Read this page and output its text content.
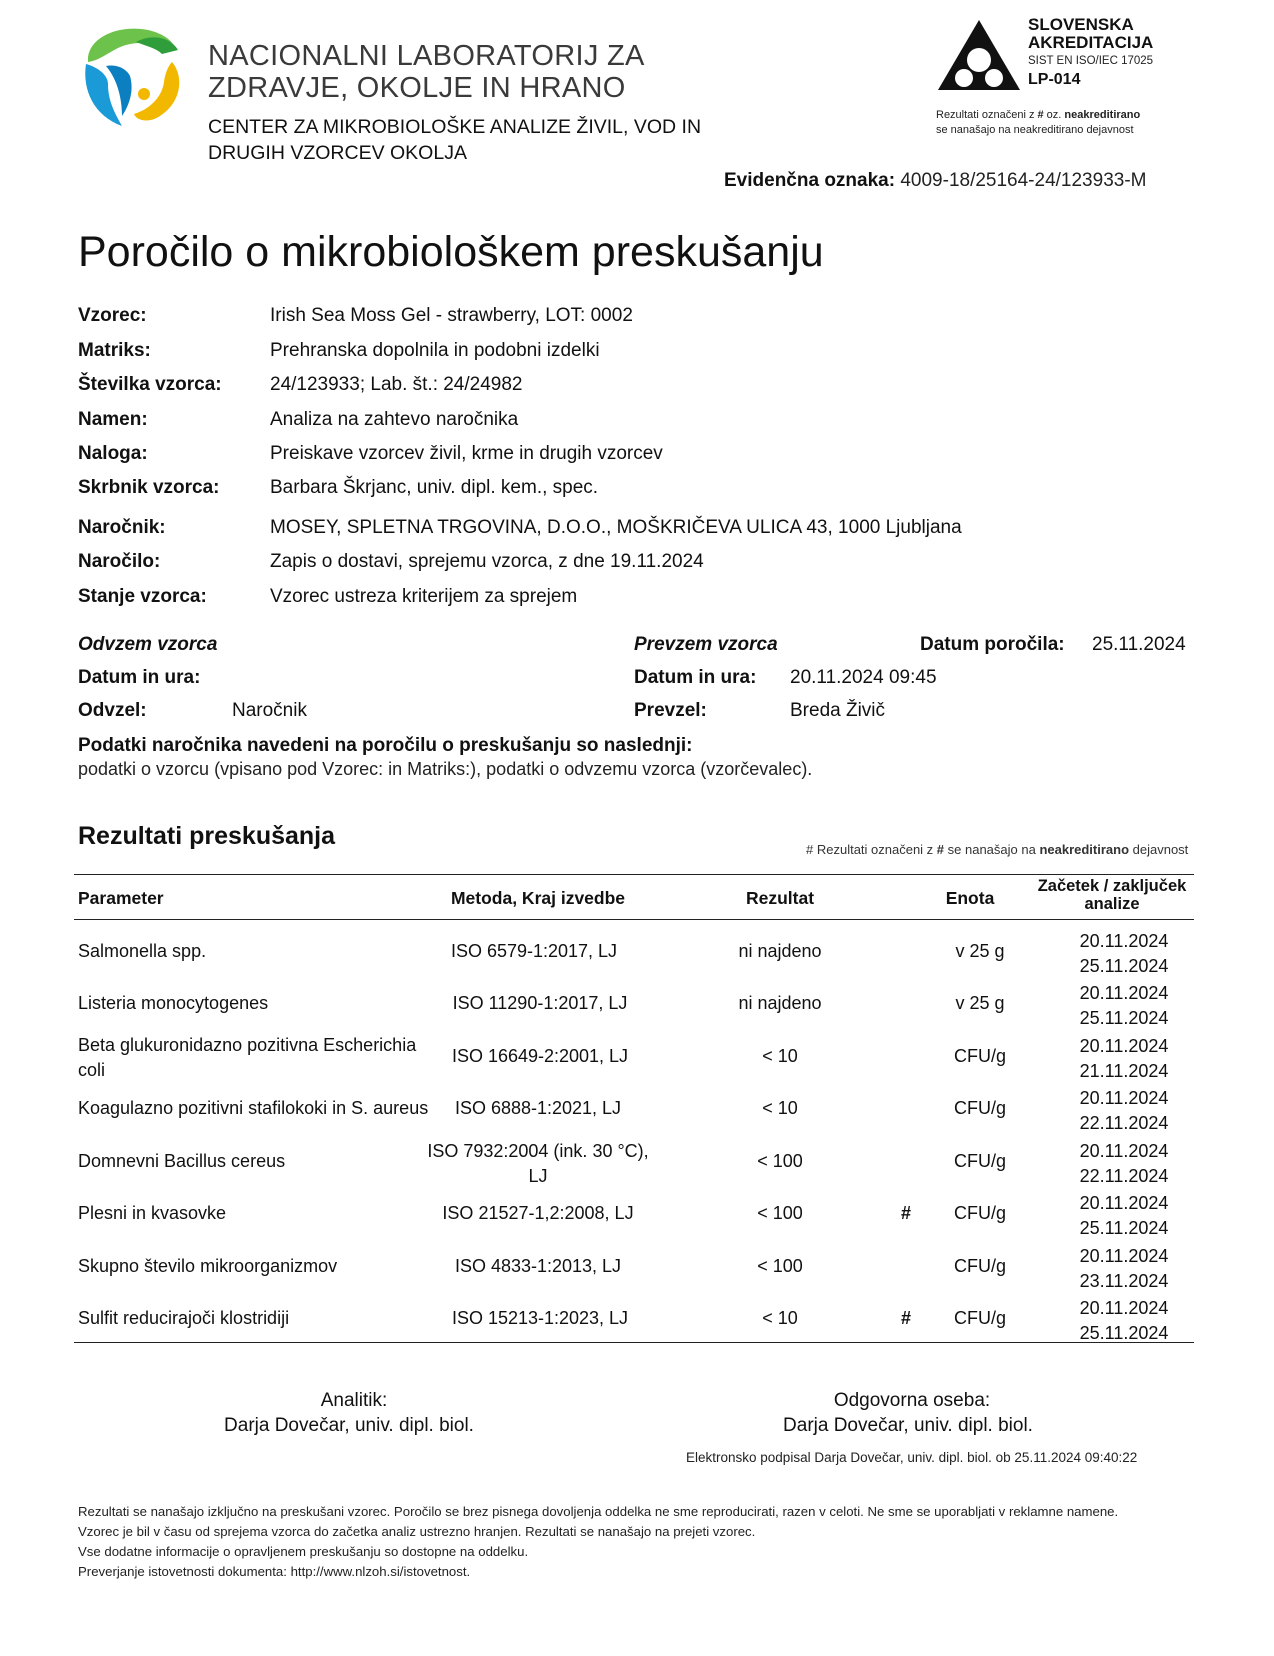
NACIONALNI LABORATORIJ ZA
ZDRAVJE, OKOLJE IN HRANO
CENTER ZA MIKROBIOLOŠKE ANALIZE ŽIVIL, VOD IN
DRUGIH VZORCEV OKOLJA
SLOVENSKA
AKREDITACIJA
SIST EN ISO/IEC 17025
LP-014
Rezultati označeni z # oz. neakreditirano
se nanašajo na neakreditirano dejavnost
Evidenčna oznaka: 4009-18/25164-24/123933-M
Poročilo o mikrobiološkem preskušanju
Vzorec:	Irish Sea Moss Gel - strawberry, LOT: 0002
Matriks:	Prehranska dopolnila in podobni izdelki
Številka vzorca:	24/123933; Lab. št.: 24/24982
Namen:	Analiza na zahtevo naročnika
Naloga:	Preiskave vzorcev živil, krme in drugih vzorcev
Skrbnik vzorca:	Barbara Škrjanc, univ. dipl. kem., spec.
Naročnik:	MOSEY, SPLETNA TRGOVINA, D.O.O., MOŠKRIČEVA ULICA 43, 1000 Ljubljana
Naročilo:	Zapis o dostavi, sprejemu vzorca, z dne 19.11.2024
Stanje vzorca:	Vzorec ustreza kriterijem za sprejem
Odvzem vzorca
Datum in ura:
Odvzel:	Naročnik
Prevzem vzorca
Datum in ura: 20.11.2024 09:45
Prevzel:	Breda Živič
Datum poročila: 25.11.2024
Podatki naročnika navedeni na poročilu o preskušanju so naslednji:
podatki o vzorcu (vpisano pod Vzorec: in Matriks:), podatki o odvzemu vzorca (vzorčevalec).
Rezultati preskušanja	# Rezultati označeni z # se nanašajo na neakreditirano dejavnost
Parameter	Metoda, Kraj izvedbe	Rezultat	Enota
Začetek / zaključek
analize
Salmonella spp.	ISO 6579-1:2017, LJ	ni najdeno	v 25 g	20.11.2024
25.11.2024
Listeria monocytogenes	ISO 11290-1:2017, LJ	ni najdeno	v 25 g	20.11.2024
25.11.2024
Beta glukuronidazno pozitivna Escherichia
coli
ISO 16649-2:2001, LJ	< 10	CFU/g	20.11.2024
21.11.2024
Koagulazno pozitivni stafilokoki in S. aureus ISO 6888-1:2021, LJ	< 10	CFU/g	20.11.2024
22.11.2024
Domnevni Bacillus cereus	ISO 7932:2004 (ink. 30 °C),
LJ
< 100	CFU/g	20.11.2024
22.11.2024
Plesni in kvasovke	ISO 21527-1,2:2008, LJ	< 100	# CFU/g	20.11.2024
25.11.2024
Skupno število mikroorganizmov	ISO 4833-1:2013, LJ	< 100	CFU/g	20.11.2024
23.11.2024
Sulfit reducirajoči klostridiji	ISO 15213-1:2023, LJ	< 10	# CFU/g	20.11.2024
25.11.2024
Analitik:
Darja Dovečar, univ. dipl. biol.
Odgovorna oseba:
Darja Dovečar, univ. dipl. biol.
Elektronsko podpisal Darja Dovečar, univ. dipl. biol. ob 25.11.2024 09:40:22
Rezultati se nanašajo izključno na preskušani vzorec. Poročilo se brez pisnega dovoljenja oddelka ne sme reproducirati, razen v celoti. Ne sme se uporabljati v reklamne namene.
Vzorec je bil v času od sprejema vzorca do začetka analiz ustrezno hranjen. Rezultati se nanašajo na prejeti vzorec.
Vse dodatne informacije o opravljenem preskušanju so dostopne na oddelku.
Preverjanje istovetnosti dokumenta: http://www.nlzoh.si/istovetnost.
